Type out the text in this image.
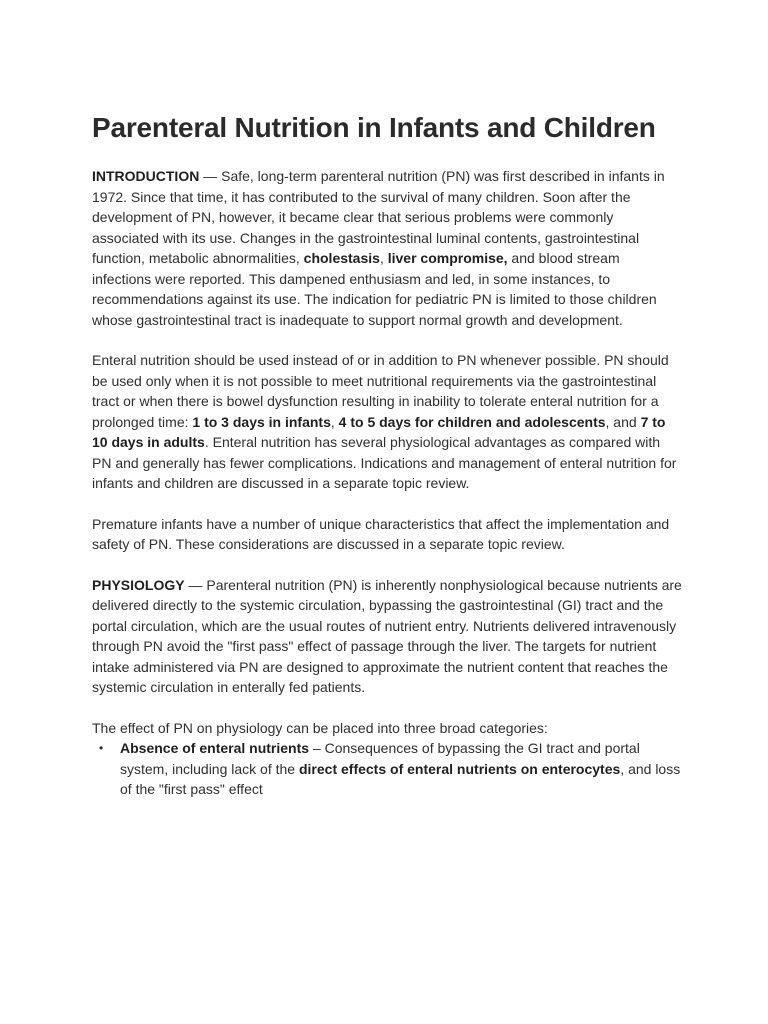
Parenteral Nutrition in Infants and Children

INTRODUCTION — Safe, long-term parenteral nutrition (PN) was first described in infants in 1972. Since that time, it has contributed to the survival of many children. Soon after the development of PN, however, it became clear that serious problems were commonly associated with its use. Changes in the gastrointestinal luminal contents, gastrointestinal function, metabolic abnormalities, cholestasis, liver compromise, and blood stream infections were reported. This dampened enthusiasm and led, in some instances, to recommendations against its use. The indication for pediatric PN is limited to those children whose gastrointestinal tract is inadequate to support normal growth and development.

Enteral nutrition should be used instead of or in addition to PN whenever possible. PN should be used only when it is not possible to meet nutritional requirements via the gastrointestinal tract or when there is bowel dysfunction resulting in inability to tolerate enteral nutrition for a prolonged time: 1 to 3 days in infants, 4 to 5 days for children and adolescents, and 7 to 10 days in adults. Enteral nutrition has several physiological advantages as compared with PN and generally has fewer complications. Indications and management of enteral nutrition for infants and children are discussed in a separate topic review.

Premature infants have a number of unique characteristics that affect the implementation and safety of PN. These considerations are discussed in a separate topic review.

PHYSIOLOGY — Parenteral nutrition (PN) is inherently nonphysiological because nutrients are delivered directly to the systemic circulation, bypassing the gastrointestinal (GI) tract and the portal circulation, which are the usual routes of nutrient entry. Nutrients delivered intravenously through PN avoid the "first pass" effect of passage through the liver. The targets for nutrient intake administered via PN are designed to approximate the nutrient content that reaches the systemic circulation in enterally fed patients.

The effect of PN on physiology can be placed into three broad categories:

• Absence of enteral nutrients – Consequences of bypassing the GI tract and portal system, including lack of the direct effects of enteral nutrients on enterocytes, and loss of the "first pass" effect
